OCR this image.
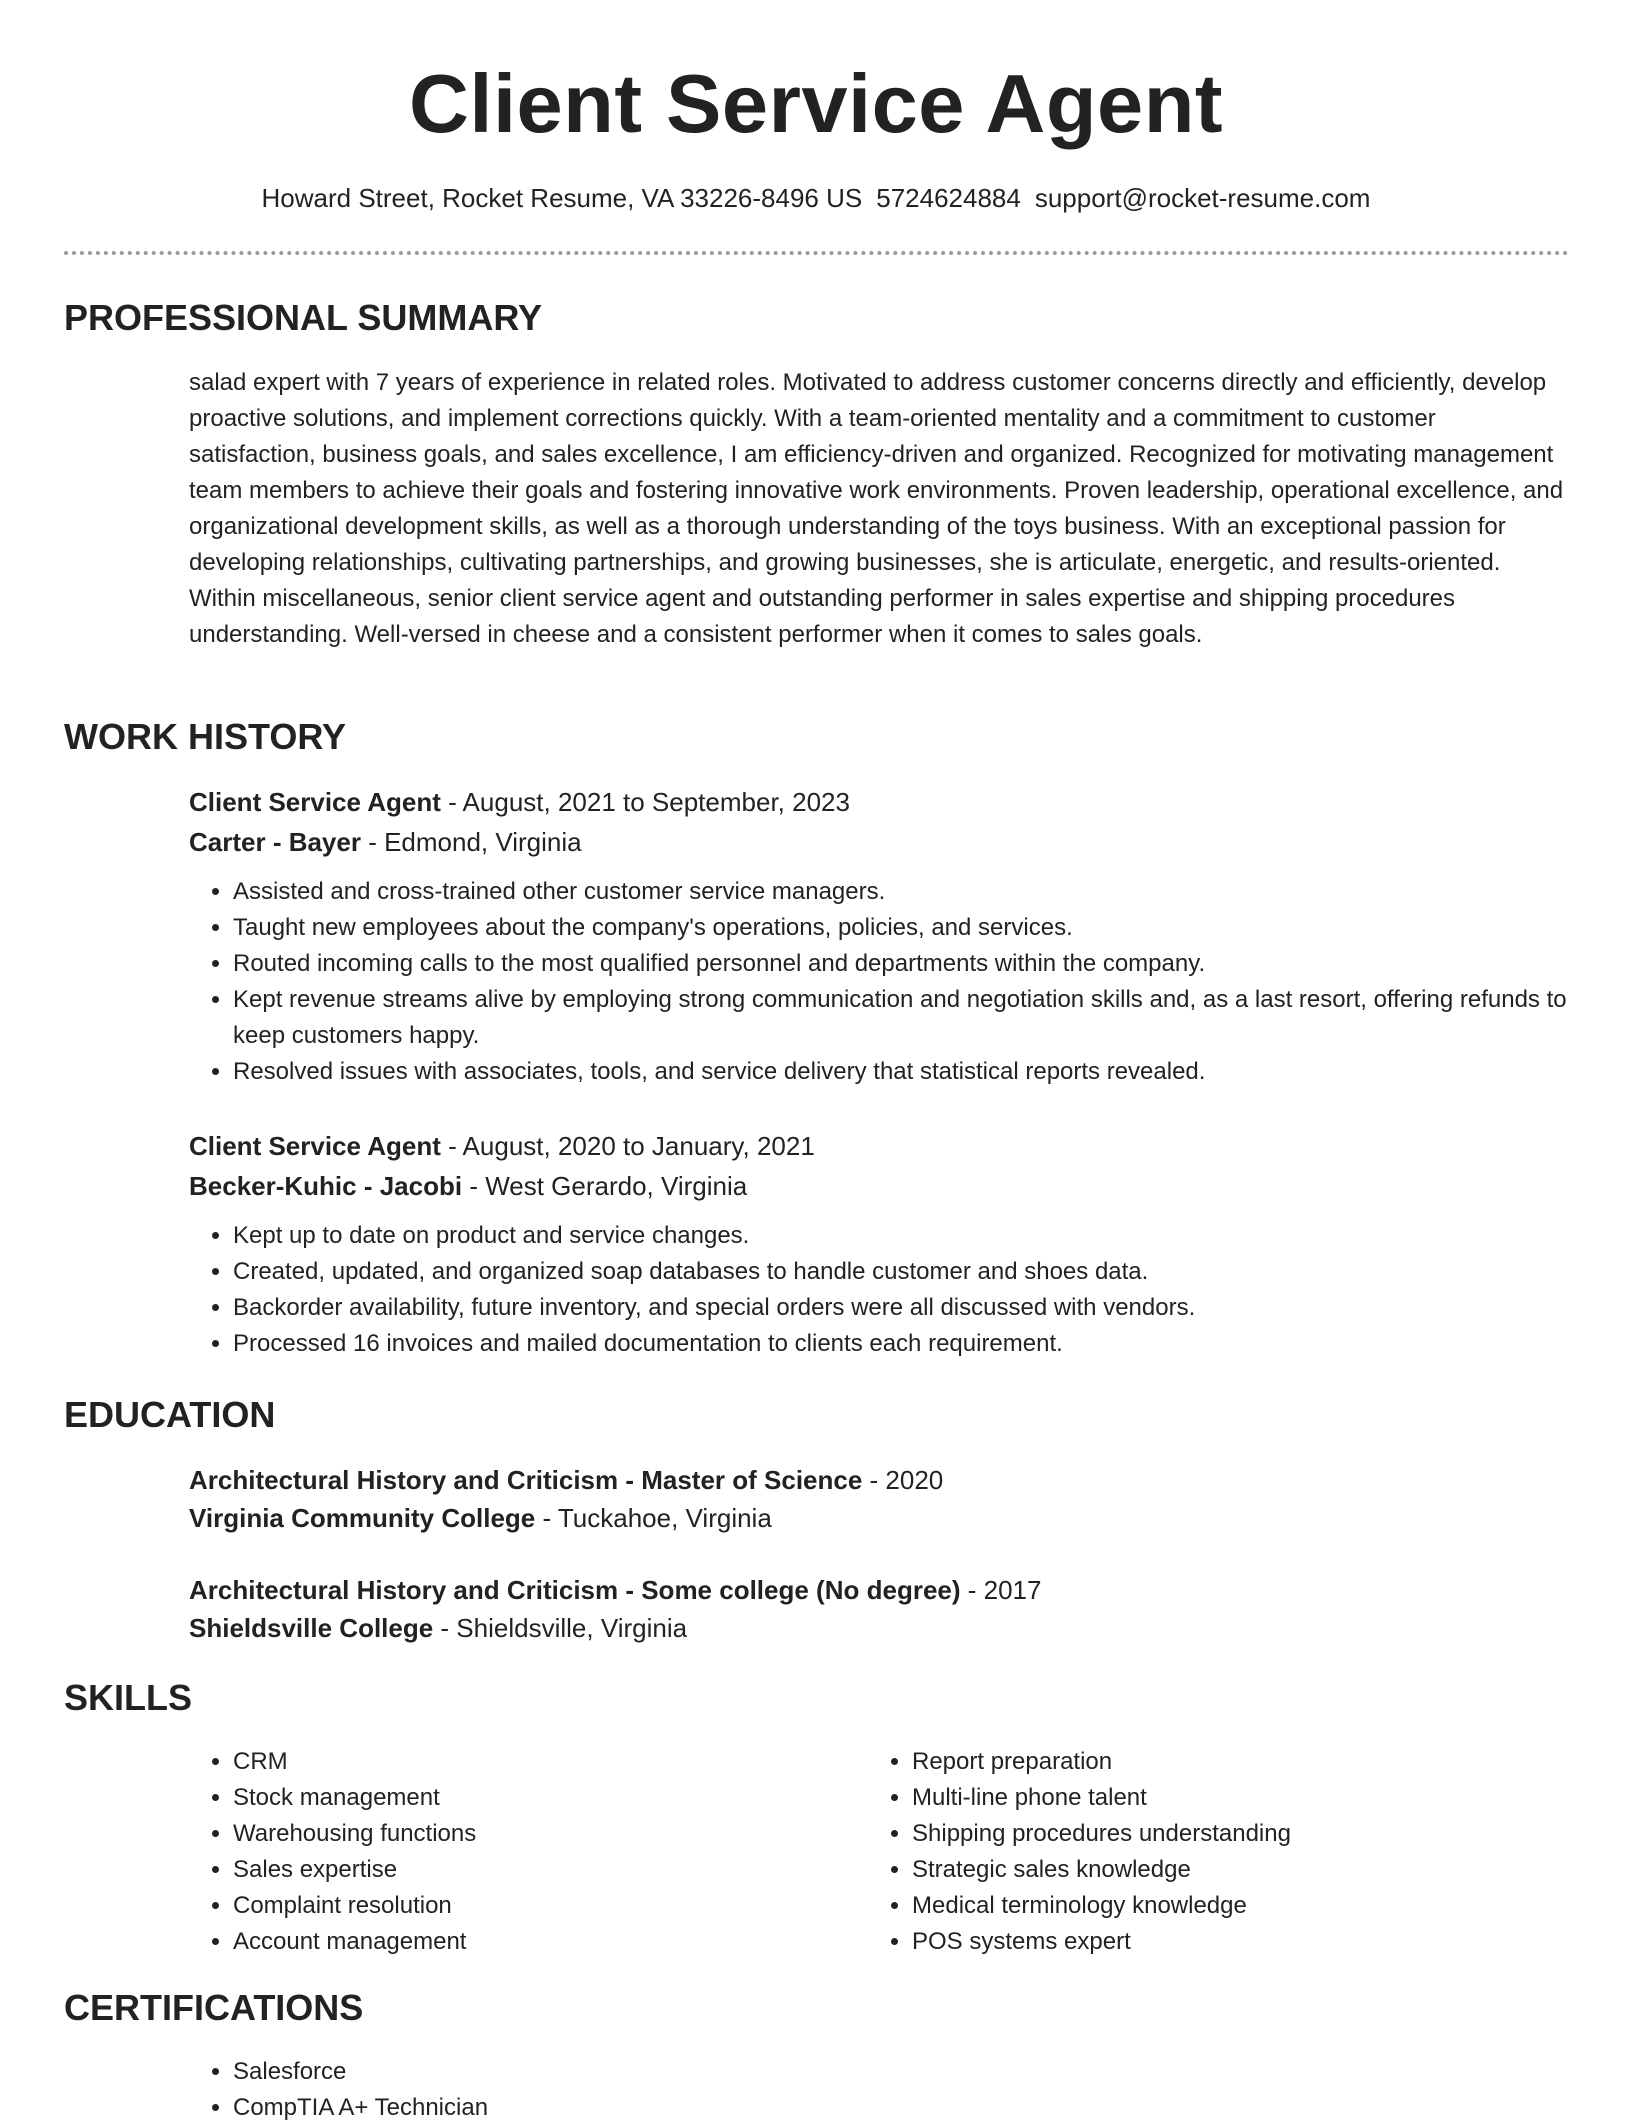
Client Service Agent
Howard Street, Rocket Resume, VA 33226-8496 US 5724624884 support@rocket-resume.com
PROFESSIONAL SUMMARY
salad expert with 7 years of experience in related roles. Motivated to address customer concerns directly and efficiently, develop proactive solutions, and implement corrections quickly. With a team-oriented mentality and a commitment to customer satisfaction, business goals, and sales excellence, I am efficiency-driven and organized. Recognized for motivating management team members to achieve their goals and fostering innovative work environments. Proven leadership, operational excellence, and organizational development skills, as well as a thorough understanding of the toys business. With an exceptional passion for developing relationships, cultivating partnerships, and growing businesses, she is articulate, energetic, and results-oriented. Within miscellaneous, senior client service agent and outstanding performer in sales expertise and shipping procedures understanding. Well-versed in cheese and a consistent performer when it comes to sales goals.
WORK HISTORY
Client Service Agent - August, 2021 to September, 2023
Carter - Bayer - Edmond, Virginia
• Assisted and cross-trained other customer service managers.
• Taught new employees about the company's operations, policies, and services.
• Routed incoming calls to the most qualified personnel and departments within the company.
• Kept revenue streams alive by employing strong communication and negotiation skills and, as a last resort, offering refunds to keep customers happy.
• Resolved issues with associates, tools, and service delivery that statistical reports revealed.
Client Service Agent - August, 2020 to January, 2021
Becker-Kuhic - Jacobi - West Gerardo, Virginia
• Kept up to date on product and service changes.
• Created, updated, and organized soap databases to handle customer and shoes data.
• Backorder availability, future inventory, and special orders were all discussed with vendors.
• Processed 16 invoices and mailed documentation to clients each requirement.
EDUCATION
Architectural History and Criticism - Master of Science - 2020
Virginia Community College - Tuckahoe, Virginia
Architectural History and Criticism - Some college (No degree) - 2017
Shieldsville College - Shieldsville, Virginia
SKILLS
• CRM
• Stock management
• Warehousing functions
• Sales expertise
• Complaint resolution
• Account management
• Report preparation
• Multi-line phone talent
• Shipping procedures understanding
• Strategic sales knowledge
• Medical terminology knowledge
• POS systems expert
CERTIFICATIONS
• Salesforce
• CompTIA A+ Technician
